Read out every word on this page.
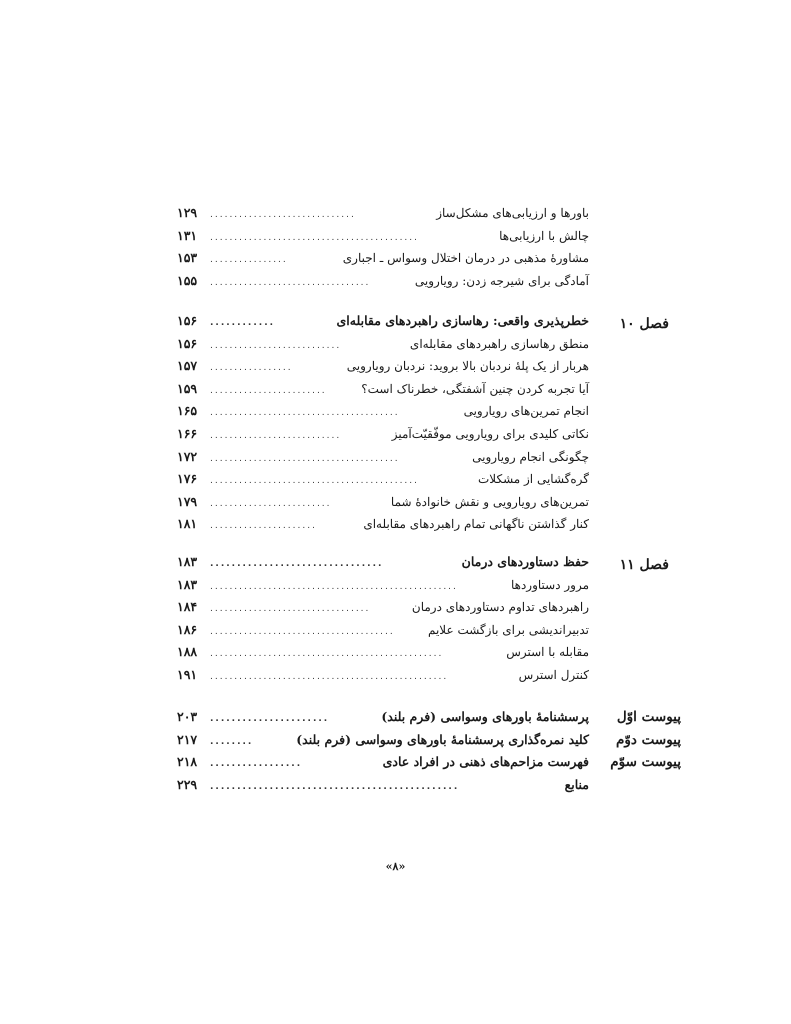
باورها و ارزیابی‌های مشکل‌ساز
..............................
۱۲۹
چالش با ارزیابی‌ها
...........................................
۱۳۱
مشاورهٔ مذهبی در درمان اختلال وسواس ـ اجباری
................
۱۵۳
آمادگی برای شیرجه زدن: رویارویی
.................................
۱۵۵
فصل ۱۰
خطرپذیری واقعی: رهاسازی راهبردهای مقابله‌ای
............
۱۵۶
منطق رهاسازی راهبردهای مقابله‌ای
...........................
۱۵۶
هربار از یک پلهٔ نردبان بالا بروید: نردبان رویارویی
.................
۱۵۷
آیا تجربه کردن چنین آشفتگی، خطرناک است؟
........................
۱۵۹
انجام تمرین‌های رویارویی
.......................................
۱۶۵
نکاتی کلیدی برای رویارویی موفّقیّت‌آمیز
...........................
۱۶۶
چگونگی انجام رویارویی
.......................................
۱۷۲
گره‌گشایی از مشکلات
...........................................
۱۷۶
تمرین‌های رویارویی و نقش خانوادهٔ شما
.........................
۱۷۹
کنار گذاشتن ناگهانی تمام راهبردهای مقابله‌ای
......................
۱۸۱
فصل ۱۱
حفظ دستاوردهای درمان
................................
۱۸۳
مرور دستاوردها
...................................................
۱۸۳
راهبردهای تداوم دستاوردهای درمان
.................................
۱۸۴
تدبیراندیشی برای بازگشت علایم
......................................
۱۸۶
مقابله با استرس
................................................
۱۸۸
کنترل استرس
.................................................
۱۹۱
پیوست اوّل
پیوست دوّم
پیوست سوّم
پرسشنامهٔ باورهای وسواسی (فرم بلند)
......................
۲۰۳
کلید نمره‌گذاری پرسشنامهٔ باورهای وسواسی (فرم بلند)
........
۲۱۷
فهرست مزاحم‌های ذهنی در افراد عادی
.................
۲۱۸
منابع
..............................................
۲۲۹
«۸»
